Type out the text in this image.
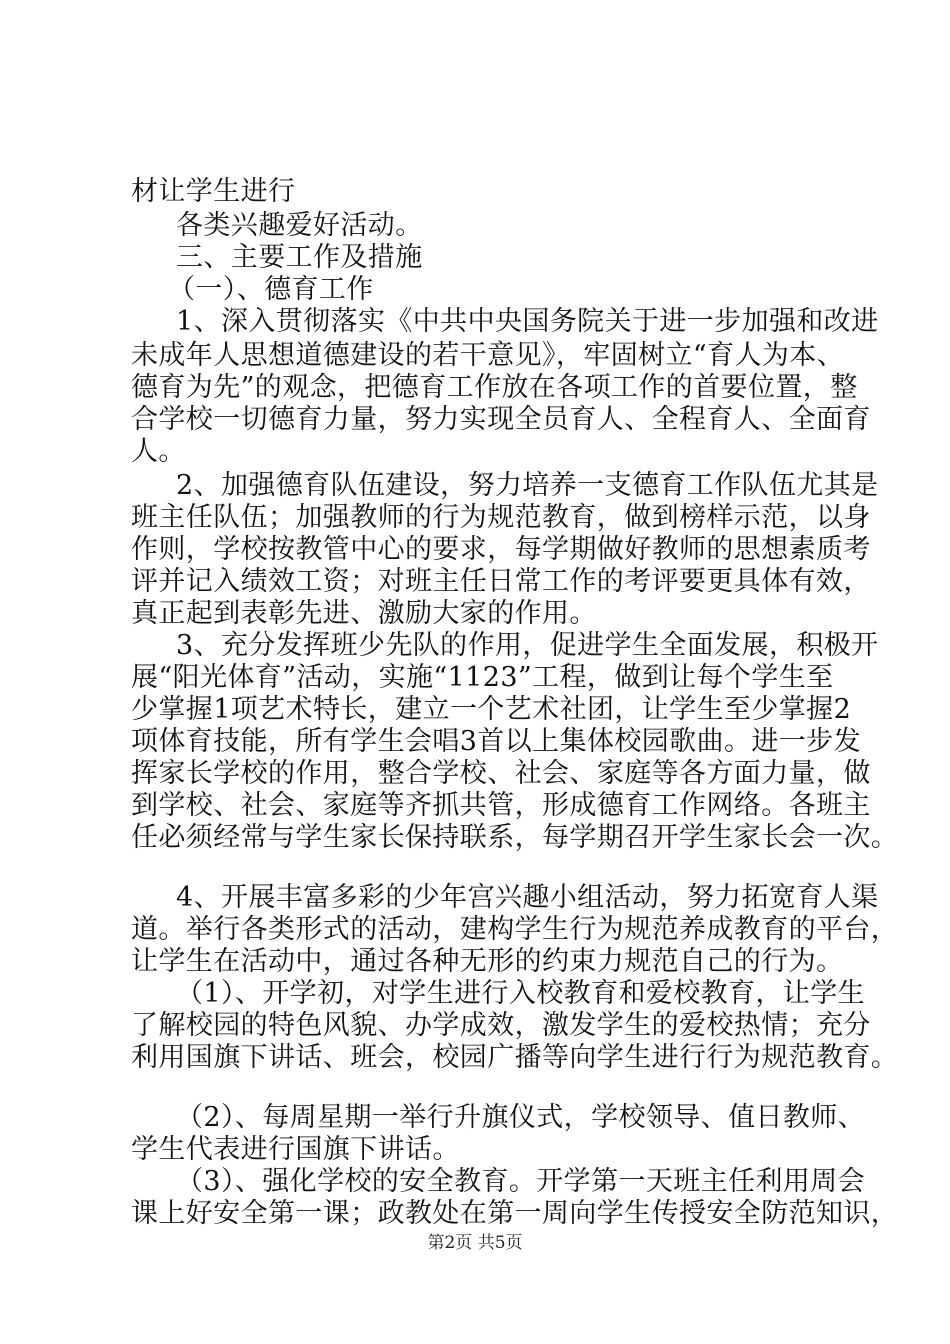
材让学生进行
各类兴趣爱好活动。
三、主要工作及措施
（一）、德育工作
1、深入贯彻落实《中共中央国务院关于进一步加强和改进
未成年人思想道德建设的若干意见》，牢固树立“育人为本、
德育为先”的观念，把德育工作放在各项工作的首要位置，整
合学校一切德育力量，努力实现全员育人、全程育人、全面育
人。
2、加强德育队伍建设，努力培养一支德育工作队伍尤其是
班主任队伍；加强教师的行为规范教育，做到榜样示范，以身
作则，学校按教管中心的要求，每学期做好教师的思想素质考
评并记入绩效工资；对班主任日常工作的考评要更具体有效，
真正起到表彰先进、激励大家的作用。
3、充分发挥班少先队的作用，促进学生全面发展，积极开
展“阳光体育”活动，实施“1123”工程，做到让每个学生至
少掌握1项艺术特长，建立一个艺术社团，让学生至少掌握2
项体育技能，所有学生会唱3首以上集体校园歌曲。进一步发
挥家长学校的作用，整合学校、社会、家庭等各方面力量，做
到学校、社会、家庭等齐抓共管，形成德育工作网络。各班主
任必须经常与学生家长保持联系，每学期召开学生家长会一次。
4、开展丰富多彩的少年宫兴趣小组活动，努力拓宽育人渠
道。举行各类形式的活动，建构学生行为规范养成教育的平台，
让学生在活动中，通过各种无形的约束力规范自己的行为。
（1）、开学初，对学生进行入校教育和爱校教育，让学生
了解校园的特色风貌、办学成效，激发学生的爱校热情；充分
利用国旗下讲话、班会，校园广播等向学生进行行为规范教育。
（2）、每周星期一举行升旗仪式，学校领导、值日教师、
学生代表进行国旗下讲话。
（3）、强化学校的安全教育。开学第一天班主任利用周会
课上好安全第一课；政教处在第一周向学生传授安全防范知识，
第2页 共5页
